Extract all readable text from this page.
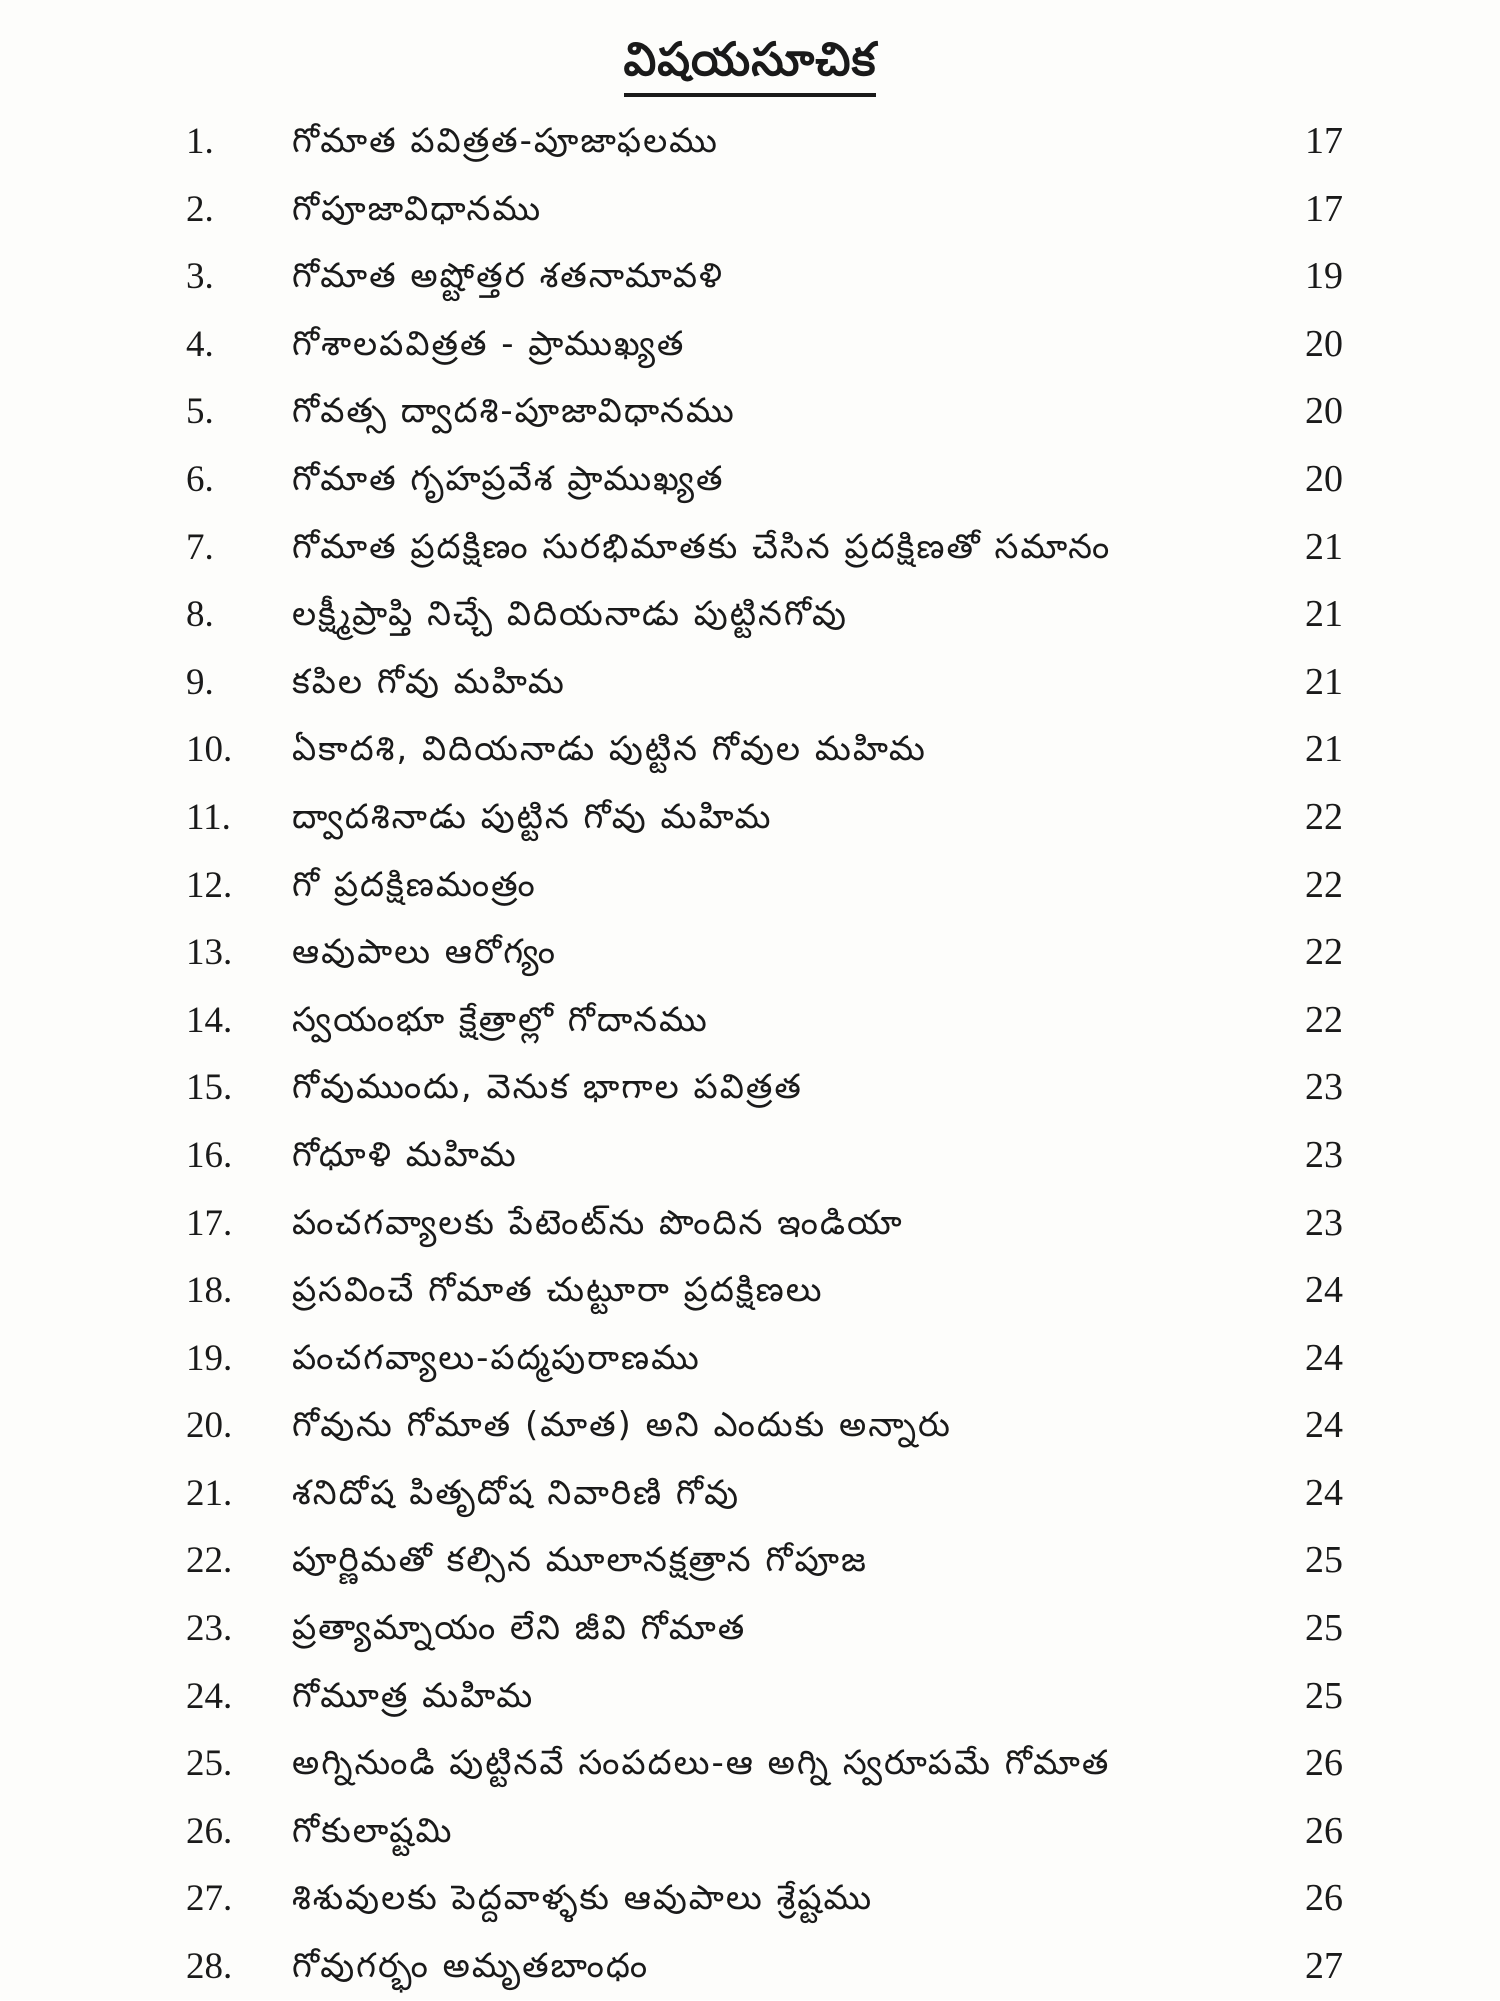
విషయసూచిక
1.	గోమాత పవిత్రత-పూజాఫలము	17
2.	గోపూజావిధానము	17
3.	గోమాత అష్టోత్తర శతనామావళి	19
4.	గోశాలపవిత్రత - ప్రాముఖ్యత	20
5.	గోవత్స ద్వాదశి-పూజావిధానము	20
6.	గోమాత గృహప్రవేశ ప్రాముఖ్యత	20
7.	గోమాత ప్రదక్షిణం సురభిమాతకు చేసిన ప్రదక్షిణతో సమానం	21
8.	లక్ష్మీప్రాప్తి నిచ్చే విదియనాడు పుట్టినగోవు	21
9.	కపిల గోవు మహిమ	21
10.	ఏకాదశి, విదియనాడు పుట్టిన గోవుల మహిమ	21
11.	ద్వాదశినాడు పుట్టిన గోవు మహిమ	22
12.	గో ప్రదక్షిణమంత్రం	22
13.	ఆవుపాలు ఆరోగ్యం	22
14.	స్వయంభూ క్షేత్రాల్లో గోదానము	22
15.	గోవుముందు, వెనుక భాగాల పవిత్రత	23
16.	గోధూళి మహిమ	23
17.	పంచగవ్యాలకు పేటెంట్‌ను పొందిన ఇండియా	23
18.	ప్రసవించే గోమాత చుట్టూరా ప్రదక్షిణలు	24
19.	పంచగవ్యాలు-పద్మపురాణము	24
20.	గోవును గోమాత (మాత) అని ఎందుకు అన్నారు	24
21.	శనిదోష పితృదోష నివారిణి గోవు	24
22.	పూర్ణిమతో కల్సిన మూలానక్షత్రాన గోపూజ	25
23.	ప్రత్యామ్నాయం లేని జీవి గోమాత	25
24.	గోమూత్ర మహిమ	25
25.	అగ్నినుండి పుట్టినవే సంపదలు-ఆ అగ్ని స్వరూపమే గోమాత	26
26.	గోకులాష్టమి	26
27.	శిశువులకు పెద్దవాళ్ళకు ఆవుపాలు శ్రేష్టము	26
28.	గోవుగర్భం అమృతబాంధం	27
